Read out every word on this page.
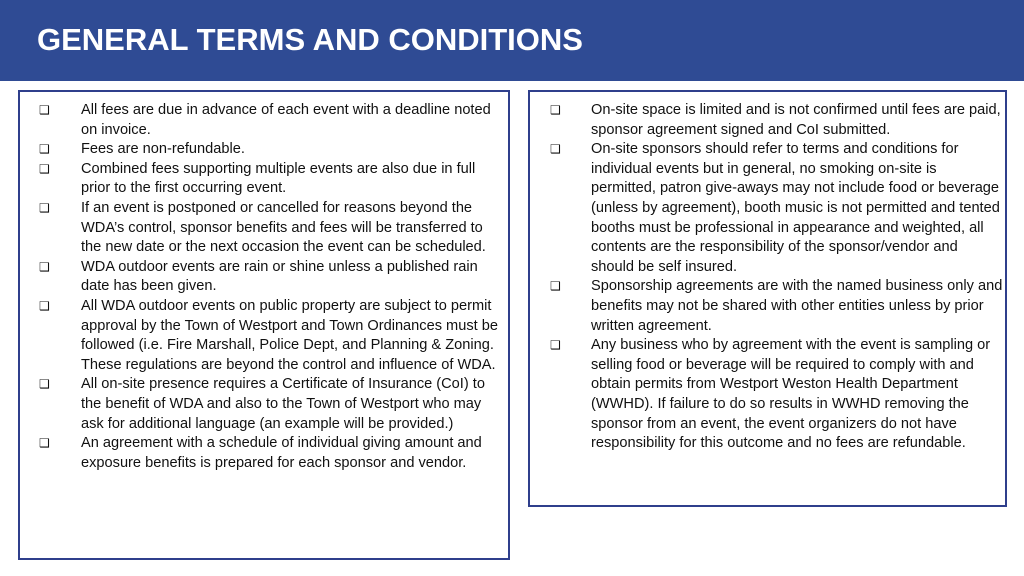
GENERAL TERMS AND CONDITIONS
❑ All fees are due in advance of each event with a deadline noted on invoice.
❑ Fees are non-refundable.
❑ Combined fees supporting multiple events are also due in full prior to the first occurring event.
❑ If an event is postponed or cancelled for reasons beyond the WDA’s control, sponsor benefits and fees will be transferred to the new date or the next occasion the event can be scheduled.
❑ WDA outdoor events are rain or shine unless a published rain date has been given.
❑ All WDA outdoor events on public property are subject to permit approval by the Town of Westport and Town Ordinances must be followed (i.e. Fire Marshall, Police Dept, and Planning & Zoning. These regulations are beyond the control and influence of WDA.
❑ All on-site presence requires a Certificate of Insurance (CoI) to the benefit of WDA and also to the Town of Westport who may ask for additional language (an example will be provided.)
❑ An agreement with a schedule of individual giving amount and exposure benefits is prepared for each sponsor and vendor.
❑ On-site space is limited and is not confirmed until fees are paid, sponsor agreement signed and CoI submitted.
❑ On-site sponsors should refer to terms and conditions for individual events but in general, no smoking on-site is permitted, patron give-aways may not include food or beverage (unless by agreement), booth music is not permitted and tented booths must be professional in appearance and weighted, all contents are the responsibility of the sponsor/vendor and should be self insured.
❑ Sponsorship agreements are with the named business only and benefits may not be shared with other entities unless by prior written agreement.
❑ Any business who by agreement with the event is sampling or selling food or beverage will be required to comply with and obtain permits from Westport Weston Health Department (WWHD). If failure to do so results in WWHD removing the sponsor from an event, the event organizers do not have responsibility for this outcome and no fees are refundable.
